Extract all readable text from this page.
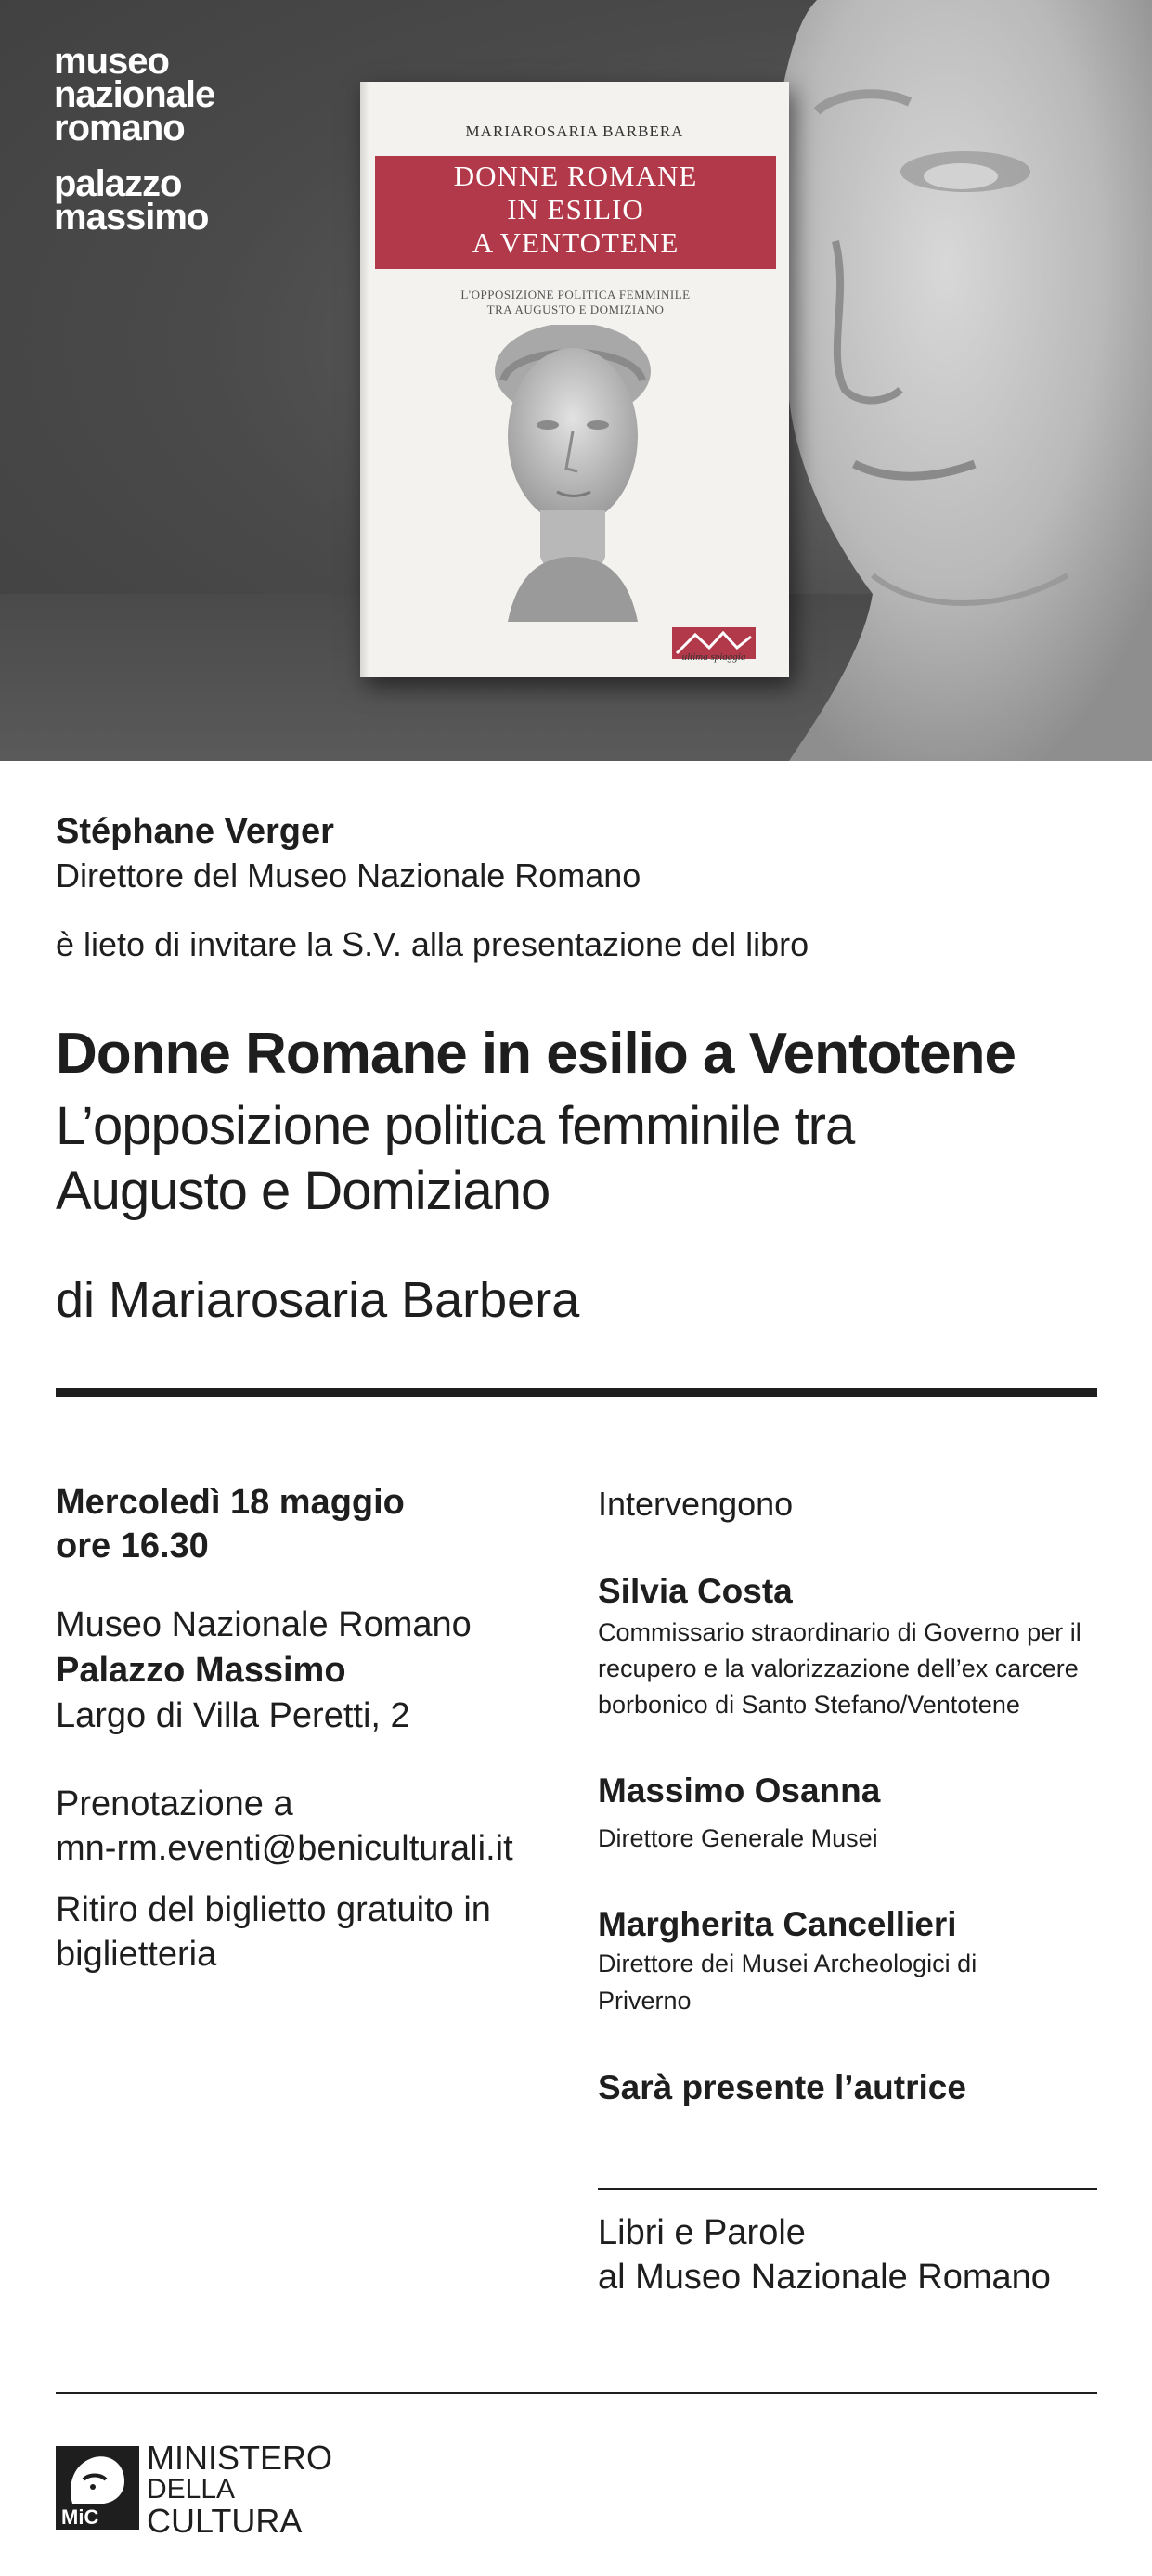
museo
nazionale
romano
palazzo
massimo
MARIAROSARIA BARBERA
DONNE ROMANE
IN ESILIO
A VENTOTENE
L'OPPOSIZIONE POLITICA FEMMINILE
TRA AUGUSTO E DOMIZIANO
ultima spiaggia
Stéphane Verger
Direttore del Museo Nazionale Romano
è lieto di invitare la S.V. alla presentazione del libro
Donne Romane in esilio a Ventotene
L’opposizione politica femminile tra
Augusto e Domiziano
di Mariarosaria Barbera
Mercoledì 18 maggio
ore 16.30
Museo Nazionale Romano
Palazzo Massimo
Largo di Villa Peretti, 2
Prenotazione a
mn-rm.eventi@beniculturali.it
Ritiro del biglietto gratuito in
biglietteria
Intervengono
Silvia Costa
Commissario straordinario di Governo per il
recupero e la valorizzazione dell’ex carcere
borbonico di Santo Stefano/Ventotene
Massimo Osanna
Direttore Generale Musei
Margherita Cancellieri
Direttore dei Musei Archeologici di
Priverno
Sarà presente l’autrice
Libri e Parole
al Museo Nazionale Romano
MiC
MINISTERO
DELLA
CULTURA
